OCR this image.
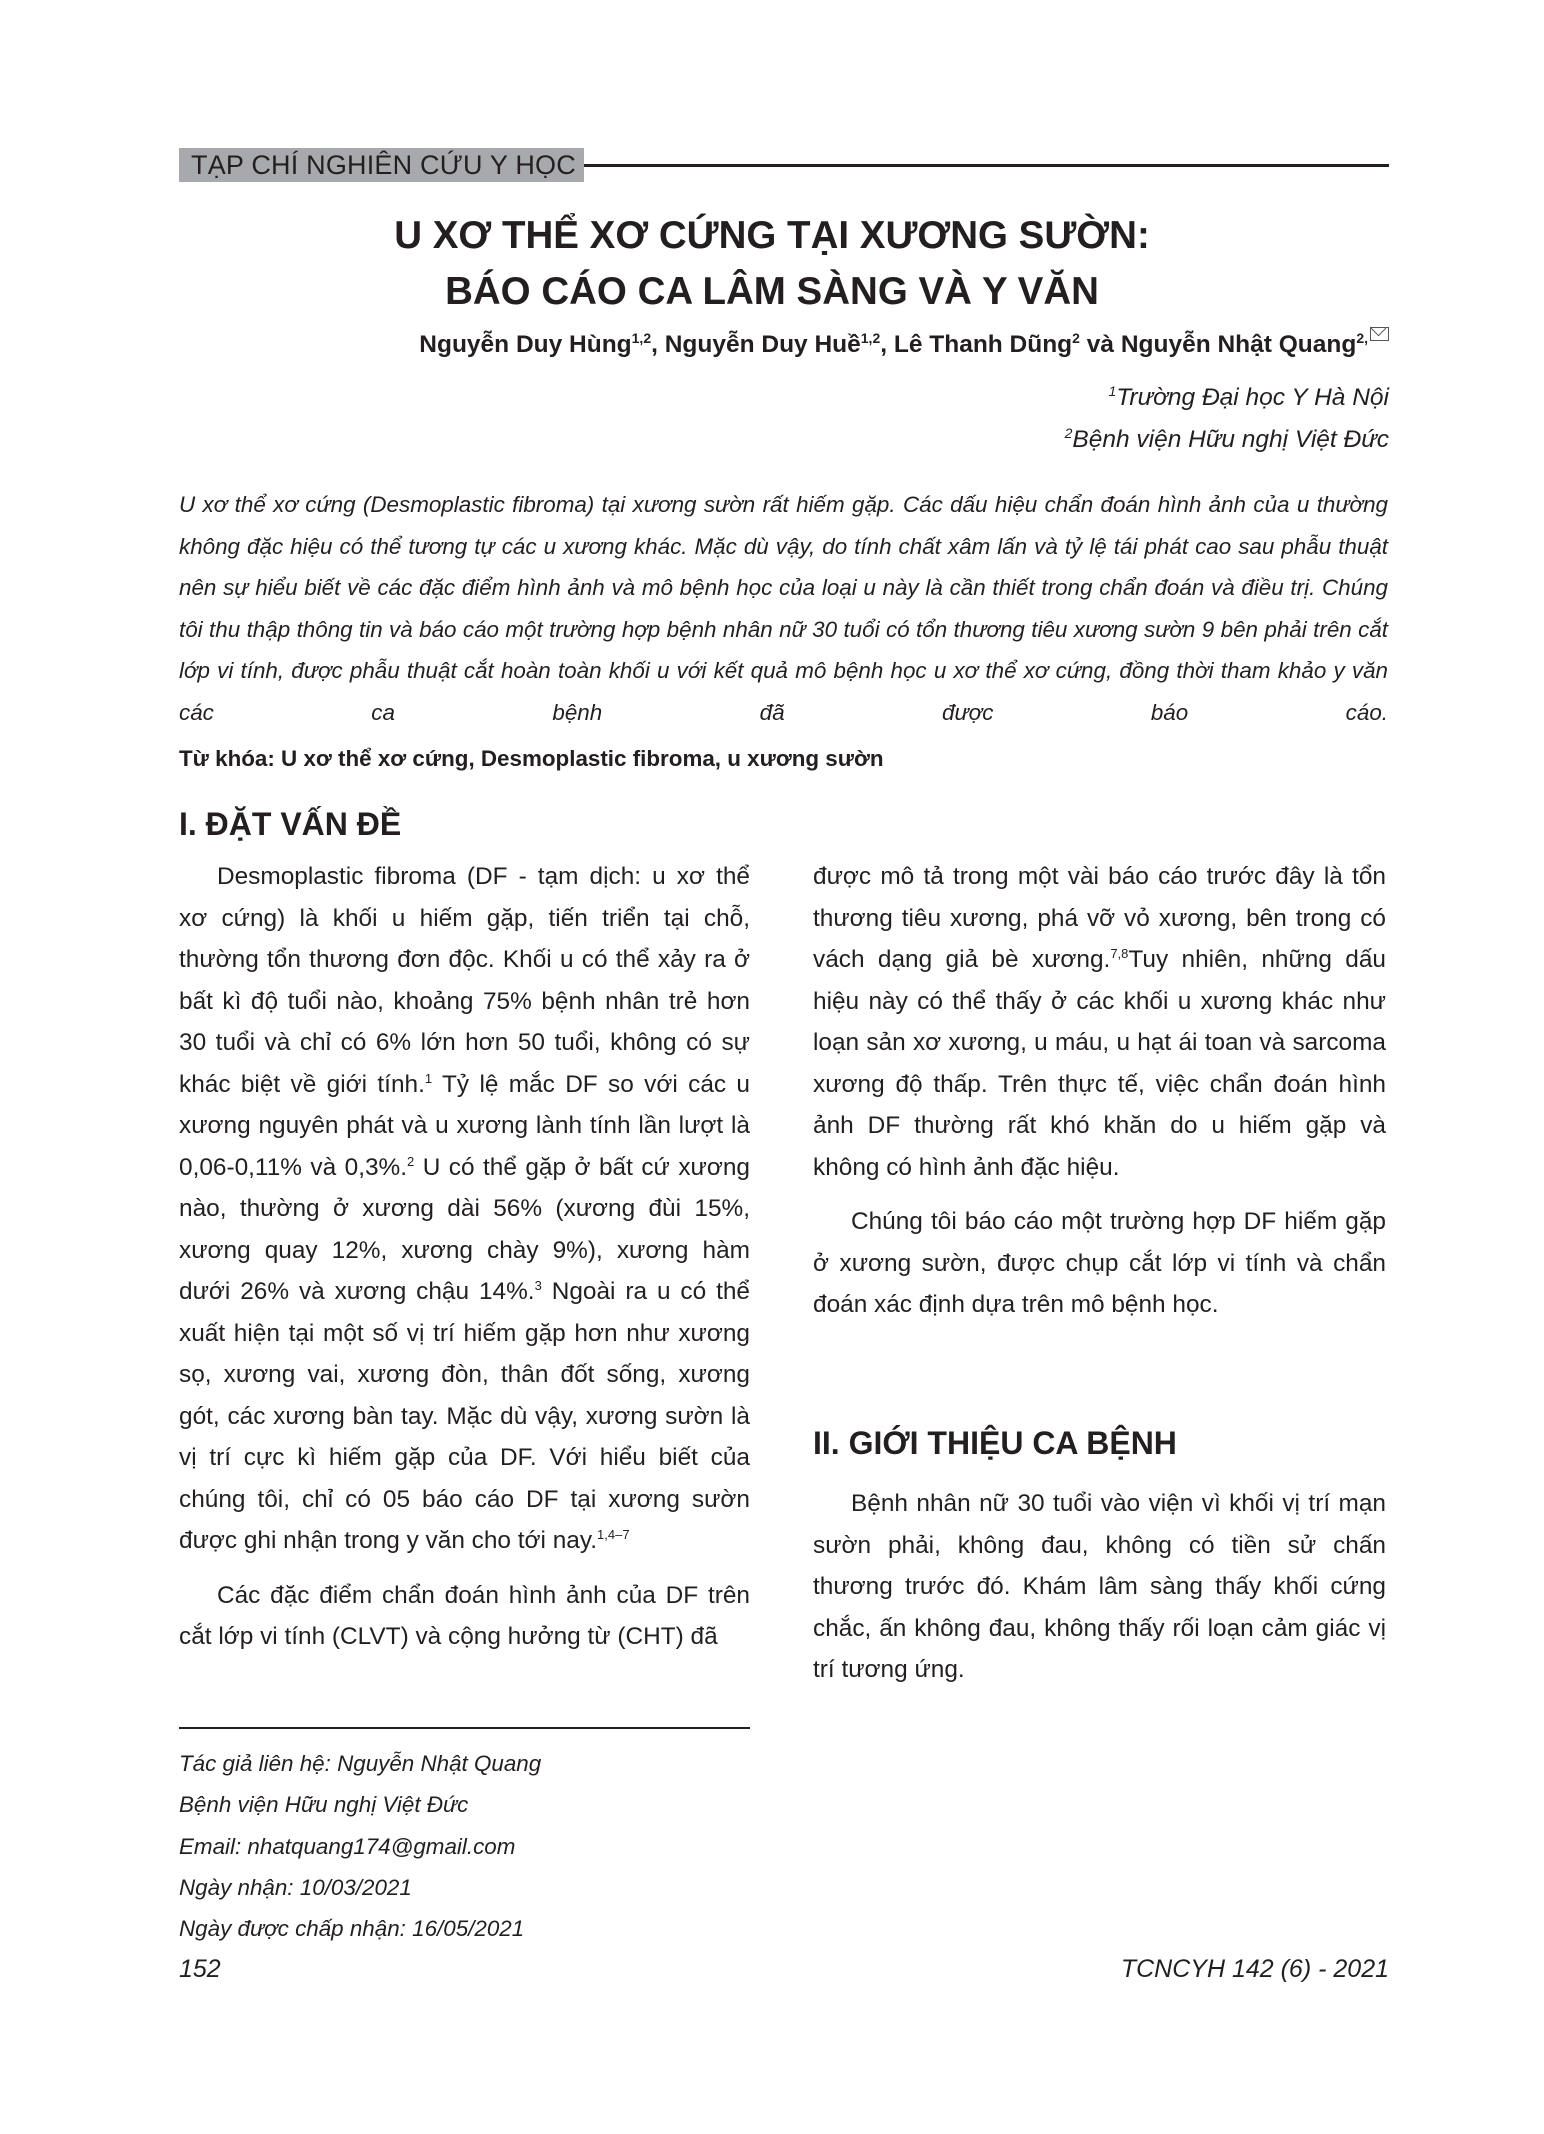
TẠP CHÍ NGHIÊN CỨU Y HỌC
U XƠ THỂ XƠ CỨNG TẠI XƯƠNG SƯỜN:
BÁO CÁO CA LÂM SÀNG VÀ Y VĂN
Nguyễn Duy Hùng$^{1,2}$, Nguyễn Duy Huề$^{1,2}$, Lê Thanh Dũng$^2$ và Nguyễn Nhật Quang$^{2,}$
$^1$Trường Đại học Y Hà Nội
$^2$Bệnh viện Hữu nghị Việt Đức

U xơ thể xơ cứng (Desmoplastic fibroma) tại xương sườn rất hiếm gặp. Các dấu hiệu chẩn đoán hình ảnh của u thường không đặc hiệu có thể tương tự các u xương khác. Mặc dù vậy, do tính chất xâm lấn và tỷ lệ tái phát cao sau phẫu thuật nên sự hiểu biết về các đặc điểm hình ảnh và mô bệnh học của loại u này là cần thiết trong chẩn đoán và điều trị. Chúng tôi thu thập thông tin và báo cáo một trường hợp bệnh nhân nữ 30 tuổi có tổn thương tiêu xương sườn 9 bên phải trên cắt lớp vi tính, được phẫu thuật cắt hoàn toàn khối u với kết quả mô bệnh học u xơ thể xơ cứng, đồng thời tham khảo y văn các ca bệnh đã được báo cáo.

Từ khóa: U xơ thể xơ cứng, Desmoplastic fibroma, u xương sườn
I. ĐẶT VẤN ĐỀ

Desmoplastic fibroma (DF - tạm dịch: u xơ thể xơ cứng) là khối u hiếm gặp, tiến triển tại chỗ, thường tổn thương đơn độc. Khối u có thể xảy ra ở bất kì độ tuổi nào, khoảng 75% bệnh nhân trẻ hơn 30 tuổi và chỉ có 6% lớn hơn 50 tuổi, không có sự khác biệt về giới tính.$^1$ Tỷ lệ mắc DF so với các u xương nguyên phát và u xương lành tính lần lượt là 0,06-0,11% và 0,3%.$^2$ U có thể gặp ở bất cứ xương nào, thường ở xương dài 56% (xương đùi 15%, xương quay 12%, xương chày 9%), xương hàm dưới 26% và xương chậu 14%.$^3$ Ngoài ra u có thể xuất hiện tại một số vị trí hiếm gặp hơn như xương sọ, xương vai, xương đòn, thân đốt sống, xương gót, các xương bàn tay. Mặc dù vậy, xương sườn là vị trí cực kì hiếm gặp của DF. Với hiểu biết của chúng tôi, chỉ có 05 báo cáo DF tại xương sườn được ghi nhận trong y văn cho tới nay.$^{1,4-7}$

Các đặc điểm chẩn đoán hình ảnh của DF trên cắt lớp vi tính (CLVT) và cộng hưởng từ (CHT) đã

được mô tả trong một vài báo cáo trước đây là tổn thương tiêu xương, phá vỡ vỏ xương, bên trong có vách dạng giả bè xương.$^{7,8}$Tuy nhiên, những dấu hiệu này có thể thấy ở các khối u xương khác như loạn sản xơ xương, u máu, u hạt ái toan và sarcoma xương độ thấp. Trên thực tế, việc chẩn đoán hình ảnh DF thường rất khó khăn do u hiếm gặp và không có hình ảnh đặc hiệu.

Chúng tôi báo cáo một trường hợp DF hiếm gặp ở xương sườn, được chụp cắt lớp vi tính và chẩn đoán xác định dựa trên mô bệnh học.

II. GIỚI THIỆU CA BỆNH

Bệnh nhân nữ 30 tuổi vào viện vì khối vị trí mạn sườn phải, không đau, không có tiền sử chấn thương trước đó. Khám lâm sàng thấy khối cứng chắc, ấn không đau, không thấy rối loạn cảm giác vị trí tương ứng.

Tác giả liên hệ: Nguyễn Nhật Quang
Bệnh viện Hữu nghị Việt Đức
Email: nhatquang174@gmail.com
Ngày nhận: 10/03/2021
Ngày được chấp nhận: 16/05/2021
152	TCNCYH 142 (6) - 2021
